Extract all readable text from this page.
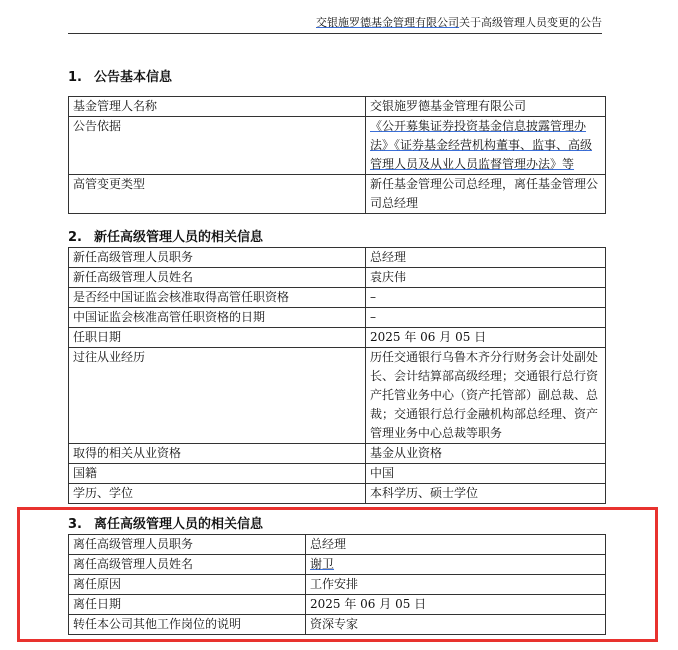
交银施罗德基金管理有限公司关于高级管理人员变更的公告
1. 公告基本信息
基金管理人名称	交银施罗德基金管理有限公司
公告依据	《公开募集证券投资基金信息披露管理办法》《证券基金经营机构董事、监事、高级管理人员及从业人员监督管理办法》等
高管变更类型	新任基金管理公司总经理，离任基金管理公司总经理
2. 新任高级管理人员的相关信息
新任高级管理人员职务	总经理
新任高级管理人员姓名	袁庆伟
是否经中国证监会核准取得高管任职资格	–
中国证监会核准高管任职资格的日期	–
任职日期	2025 年 06 月 05 日
过往从业经历	历任交通银行乌鲁木齐分行财务会计处副处长、会计结算部高级经理；交通银行总行资产托管业务中心（资产托管部）副总裁、总裁；交通银行总行金融机构部总经理、资产管理业务中心总裁等职务
取得的相关从业资格	基金从业资格
国籍	中国
学历、学位	本科学历、硕士学位
3. 离任高级管理人员的相关信息
离任高级管理人员职务	总经理
离任高级管理人员姓名	谢卫
离任原因	工作安排
离任日期	2025 年 06 月 05 日
转任本公司其他工作岗位的说明	资深专家
